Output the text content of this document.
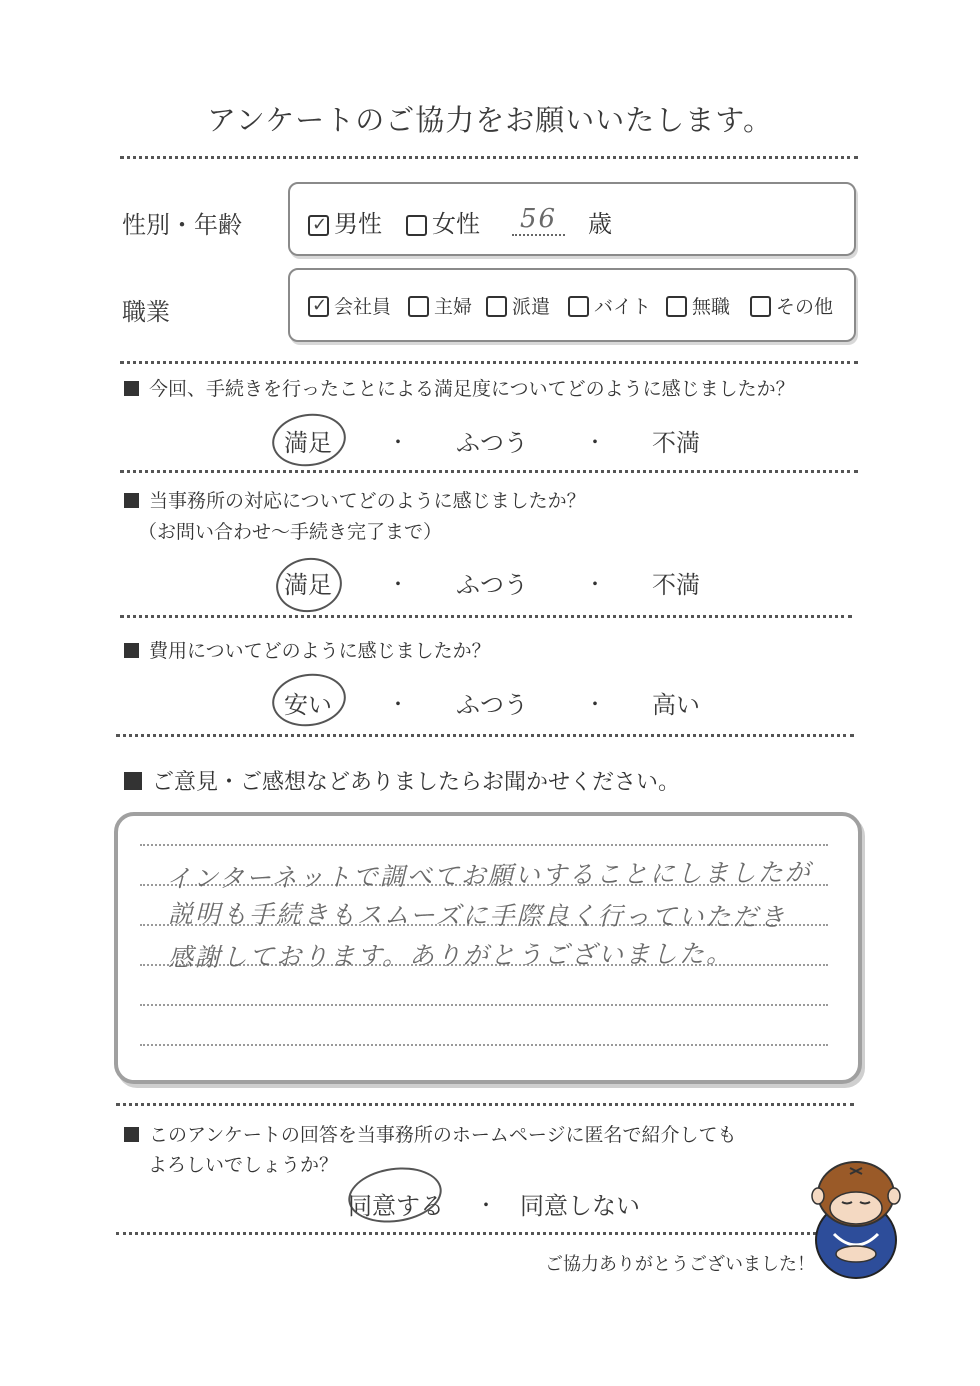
アンケートのご協力をお願いいたします。
性別・年齢 ✓	男性	女性	56	歳
職業 ✓	会社員	主婦	派遣	バイト	無職	その他
今回、手続きを行ったことによる満足度についてどのように感じましたか？
満足	・ ふつう	・ 不満
当事務所の対応についてどのように感じましたか？
（お問い合わせ～手続き完了まで）
満足	・ ふつう	・ 不満
費用についてどのように感じましたか？
安い	・ ふつう	・ 高い
ご意見・ご感想などありましたらお聞かせください。
インターネットで調べてお願いすることにしましたが
説明も手続きもスムーズに手際良く行っていただき
感謝しております。ありがとうございました。
このアンケートの回答を当事務所のホームページに匿名で紹介しても
よろしいでしょうか？
同意する ・ 同意しない
ご協力ありがとうございました！
